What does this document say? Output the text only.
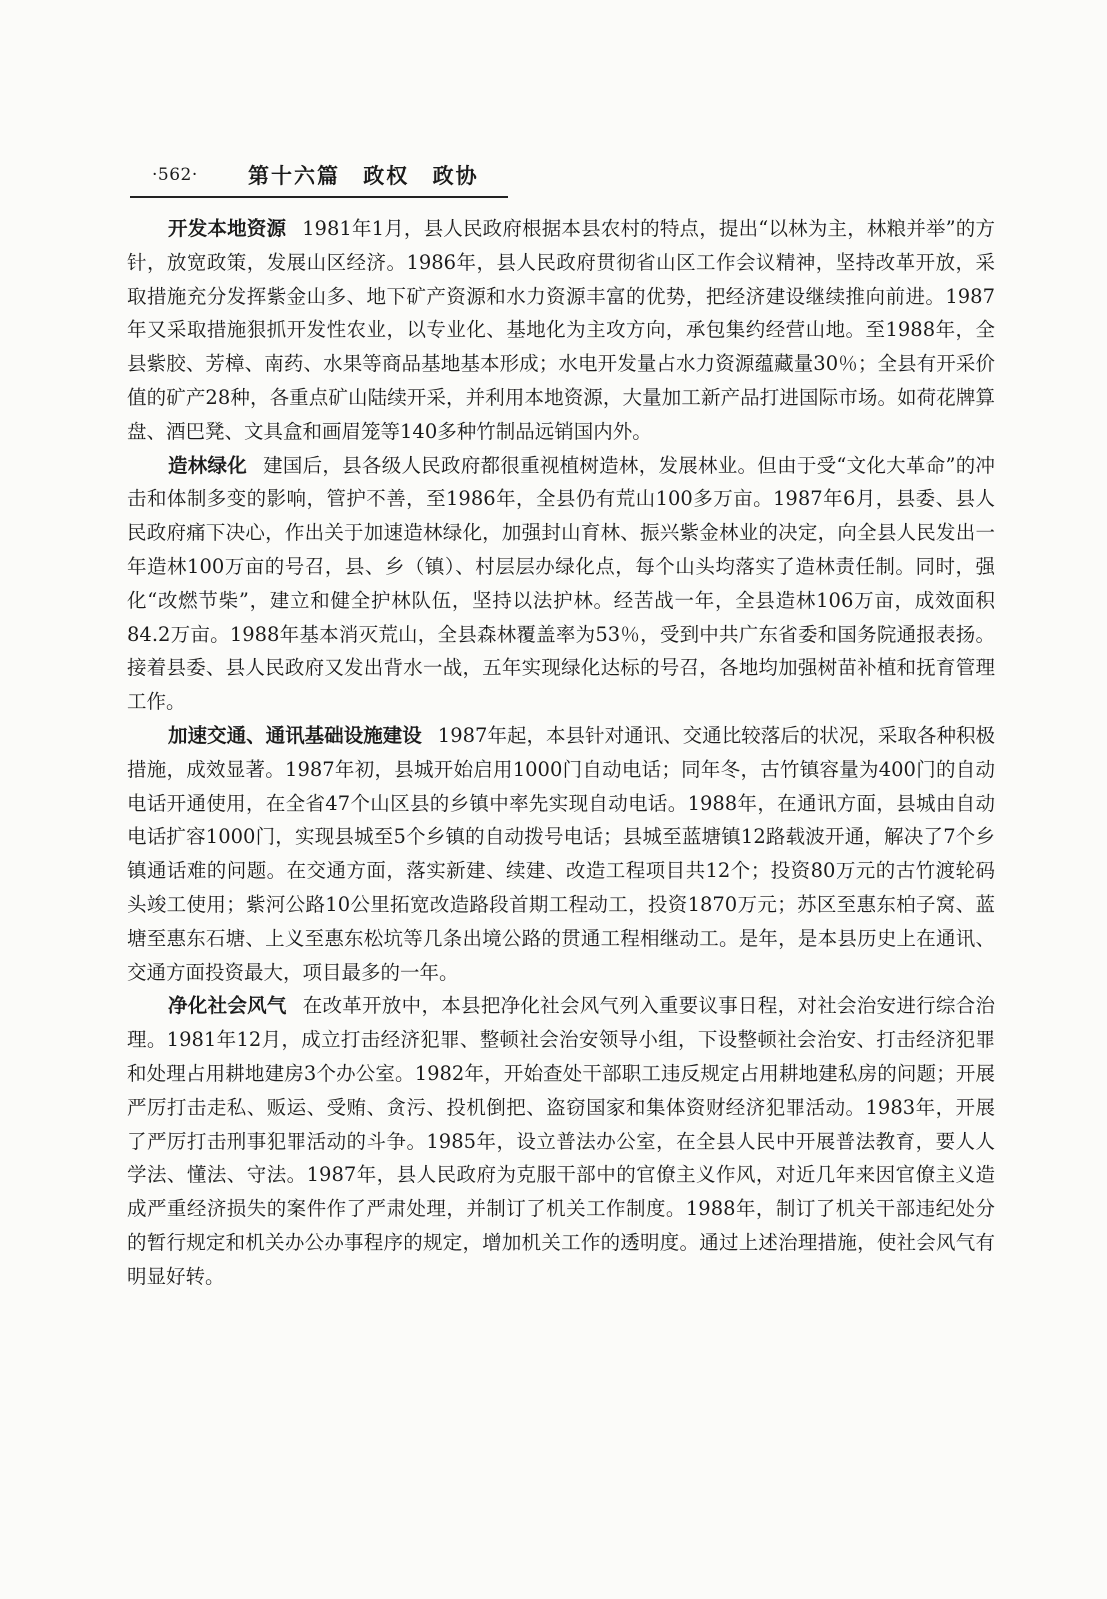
·562· 第十六篇 政权 政协

开发本地资源 1981年1月，县人民政府根据本县农村的特点，提出“以林为主，林粮并举”的方针，放宽政策，发展山区经济。1986年，县人民政府贯彻省山区工作会议精神，坚持改革开放，采取措施充分发挥紫金山多、地下矿产资源和水力资源丰富的优势，把经济建设继续推向前进。1987年又采取措施狠抓开发性农业，以专业化、基地化为主攻方向，承包集约经营山地。至1988年，全县紫胶、芳樟、南药、水果等商品基地基本形成；水电开发量占水力资源蕴藏量30％；全县有开采价值的矿产28种，各重点矿山陆续开采，并利用本地资源，大量加工新产品打进国际市场。如荷花牌算盘、酒巴凳、文具盒和画眉笼等140多种竹制品远销国内外。

造林绿化 建国后，县各级人民政府都很重视植树造林，发展林业。但由于受“文化大革命”的冲击和体制多变的影响，管护不善，至1986年，全县仍有荒山100多万亩。1987年6月，县委、县人民政府痛下决心，作出关于加速造林绿化，加强封山育林、振兴紫金林业的决定，向全县人民发出一年造林100万亩的号召，县、乡（镇）、村层层办绿化点，每个山头均落实了造林责任制。同时，强化“改燃节柴”，建立和健全护林队伍，坚持以法护林。经苦战一年，全县造林106万亩，成效面积84.2万亩。1988年基本消灭荒山，全县森林覆盖率为53％，受到中共广东省委和国务院通报表扬。接着县委、县人民政府又发出背水一战，五年实现绿化达标的号召，各地均加强树苗补植和抚育管理工作。

加速交通、通讯基础设施建设 1987年起，本县针对通讯、交通比较落后的状况，采取各种积极措施，成效显著。1987年初，县城开始启用1000门自动电话；同年冬，古竹镇容量为400门的自动电话开通使用，在全省47个山区县的乡镇中率先实现自动电话。1988年，在通讯方面，县城由自动电话扩容1000门，实现县城至5个乡镇的自动拨号电话；县城至蓝塘镇12路载波开通，解决了7个乡镇通话难的问题。在交通方面，落实新建、续建、改造工程项目共12个；投资80万元的古竹渡轮码头竣工使用；紫河公路10公里拓宽改造路段首期工程动工，投资1870万元；苏区至惠东柏子窝、蓝塘至惠东石塘、上义至惠东松坑等几条出境公路的贯通工程相继动工。是年，是本县历史上在通讯、交通方面投资最大，项目最多的一年。

净化社会风气 在改革开放中，本县把净化社会风气列入重要议事日程，对社会治安进行综合治理。1981年12月，成立打击经济犯罪、整顿社会治安领导小组，下设整顿社会治安、打击经济犯罪和处理占用耕地建房3个办公室。1982年，开始查处干部职工违反规定占用耕地建私房的问题；开展严厉打击走私、贩运、受贿、贪污、投机倒把、盗窃国家和集体资财经济犯罪活动。1983年，开展了严厉打击刑事犯罪活动的斗争。1985年，设立普法办公室，在全县人民中开展普法教育，要人人学法、懂法、守法。1987年，县人民政府为克服干部中的官僚主义作风，对近几年来因官僚主义造成严重经济损失的案件作了严肃处理，并制订了机关工作制度。1988年，制订了机关干部违纪处分的暂行规定和机关办公办事程序的规定，增加机关工作的透明度。通过上述治理措施，使社会风气有明显好转。
